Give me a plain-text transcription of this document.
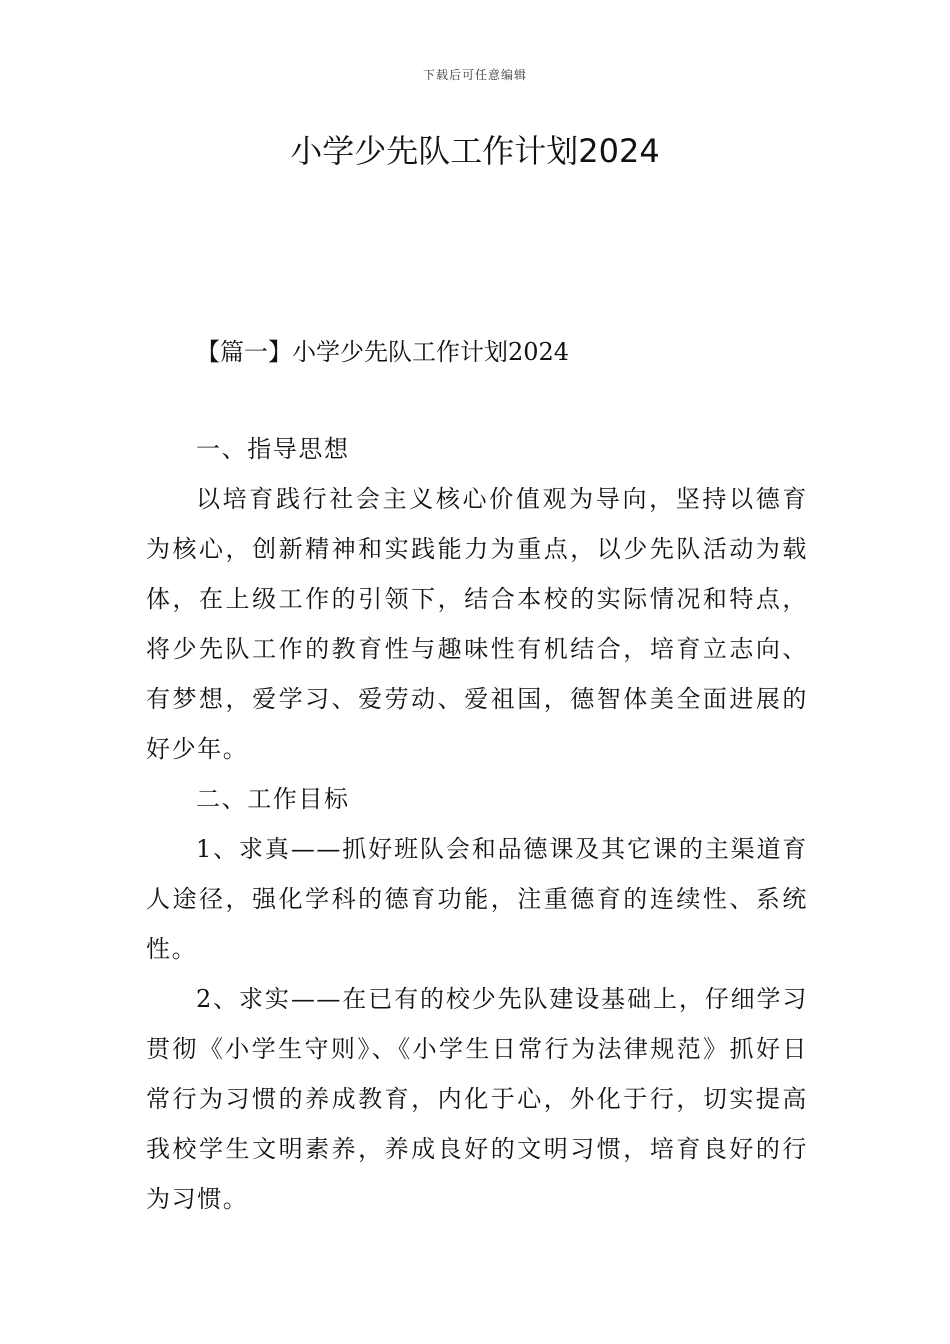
下载后可任意编辑
小学少先队工作计划2024
【篇一】小学少先队工作计划2024

一、指导思想

以培育践行社会主义核心价值观为导向，坚持以德育为核心，创新精神和实践能力为重点，以少先队活动为载体，在上级工作的引领下，结合本校的实际情况和特点，将少先队工作的教育性与趣味性有机结合，培育立志向、有梦想，爱学习、爱劳动、爱祖国，德智体美全面进展的好少年。

二、工作目标

1、求真——抓好班队会和品德课及其它课的主渠道育人途径，强化学科的德育功能，注重德育的连续性、系统性。

2、求实——在已有的校少先队建设基础上，仔细学习贯彻《小学生守则》、《小学生日常行为法律规范》抓好日常行为习惯的养成教育，内化于心，外化于行，切实提高我校学生文明素养，养成良好的文明习惯，培育良好的行为习惯。
